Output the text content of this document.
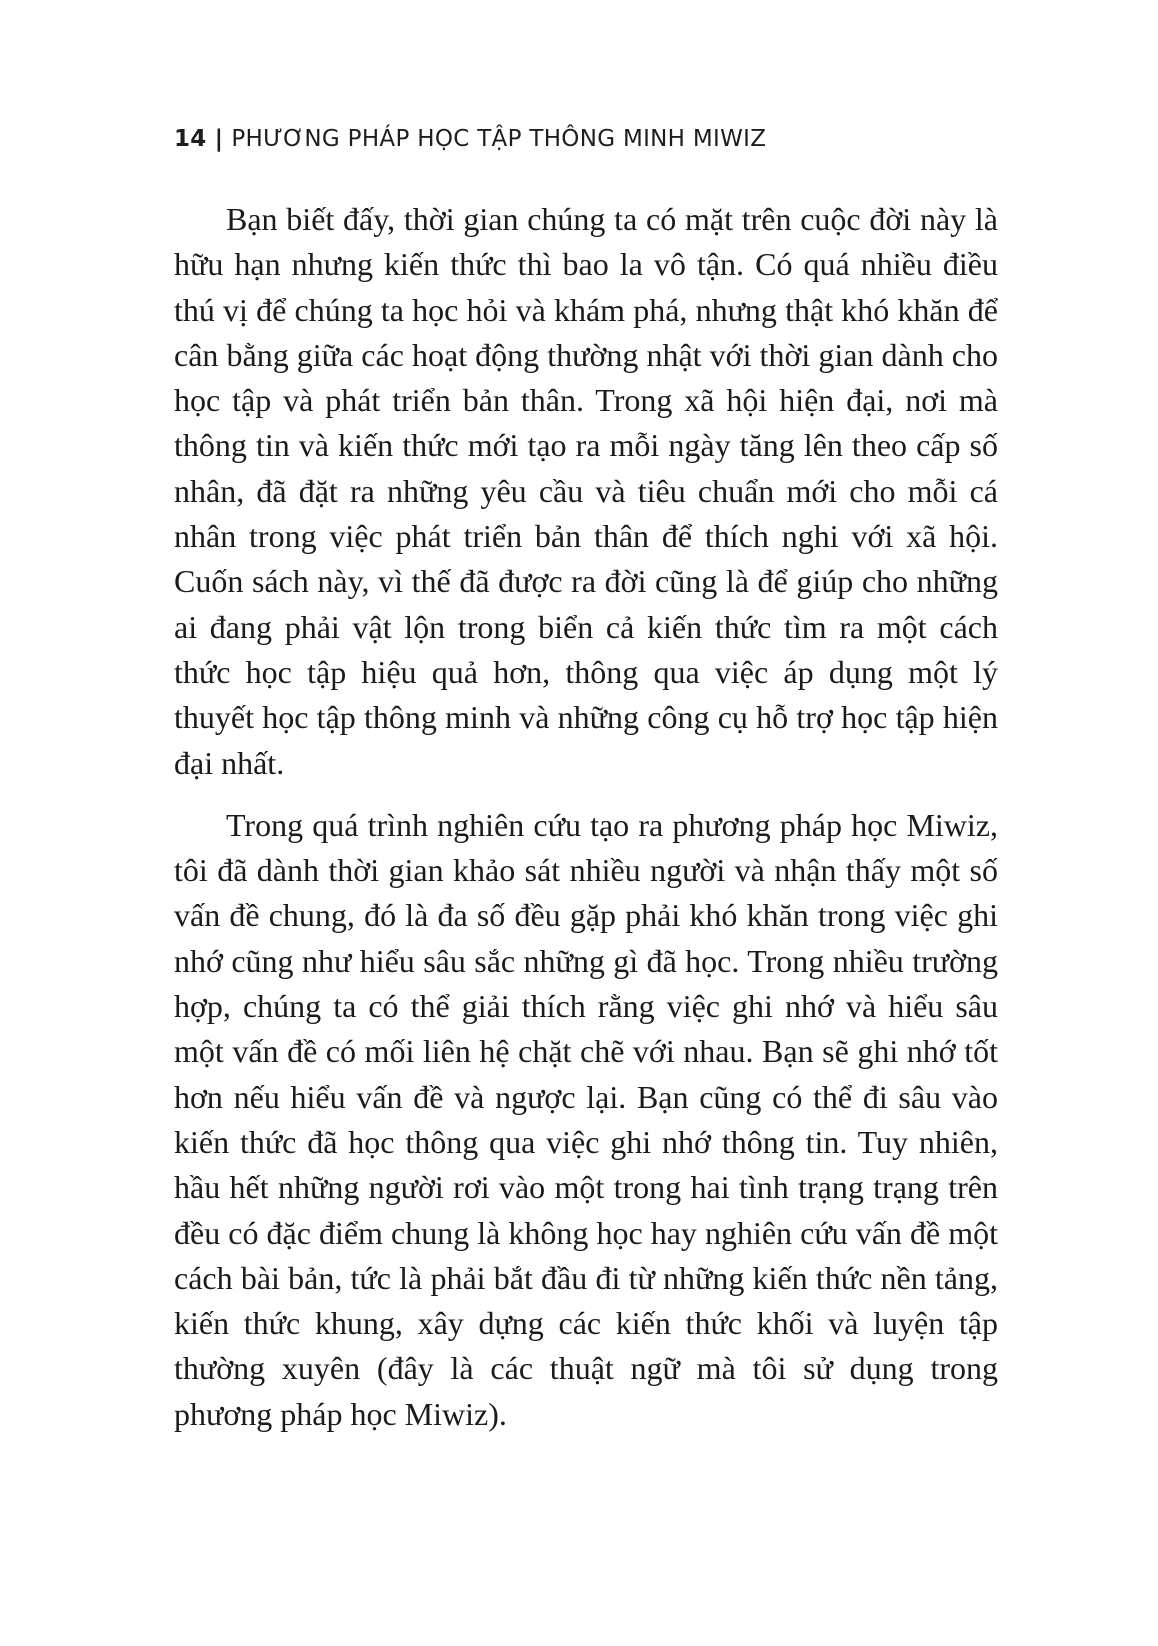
14 | PHƯƠNG PHÁP HỌC TẬP THÔNG MINH MIWIZ

Bạn biết đấy, thời gian chúng ta có mặt trên cuộc đời này là hữu hạn nhưng kiến thức thì bao la vô tận. Có quá nhiều điều thú vị để chúng ta học hỏi và khám phá, nhưng thật khó khăn để cân bằng giữa các hoạt động thường nhật với thời gian dành cho học tập và phát triển bản thân. Trong xã hội hiện đại, nơi mà thông tin và kiến thức mới tạo ra mỗi ngày tăng lên theo cấp số nhân, đã đặt ra những yêu cầu và tiêu chuẩn mới cho mỗi cá nhân trong việc phát triển bản thân để thích nghi với xã hội. Cuốn sách này, vì thế đã được ra đời cũng là để giúp cho những ai đang phải vật lộn trong biển cả kiến thức tìm ra một cách thức học tập hiệu quả hơn, thông qua việc áp dụng một lý thuyết học tập thông minh và những công cụ hỗ trợ học tập hiện đại nhất.

Trong quá trình nghiên cứu tạo ra phương pháp học Miwiz, tôi đã dành thời gian khảo sát nhiều người và nhận thấy một số vấn đề chung, đó là đa số đều gặp phải khó khăn trong việc ghi nhớ cũng như hiểu sâu sắc những gì đã học. Trong nhiều trường hợp, chúng ta có thể giải thích rằng việc ghi nhớ và hiểu sâu một vấn đề có mối liên hệ chặt chẽ với nhau. Bạn sẽ ghi nhớ tốt hơn nếu hiểu vấn đề và ngược lại. Bạn cũng có thể đi sâu vào kiến thức đã học thông qua việc ghi nhớ thông tin. Tuy nhiên, hầu hết những người rơi vào một trong hai tình trạng trạng trên đều có đặc điểm chung là không học hay nghiên cứu vấn đề một cách bài bản, tức là phải bắt đầu đi từ những kiến thức nền tảng, kiến thức khung, xây dựng các kiến thức khối và luyện tập thường xuyên (đây là các thuật ngữ mà tôi sử dụng trong phương pháp học Miwiz).
